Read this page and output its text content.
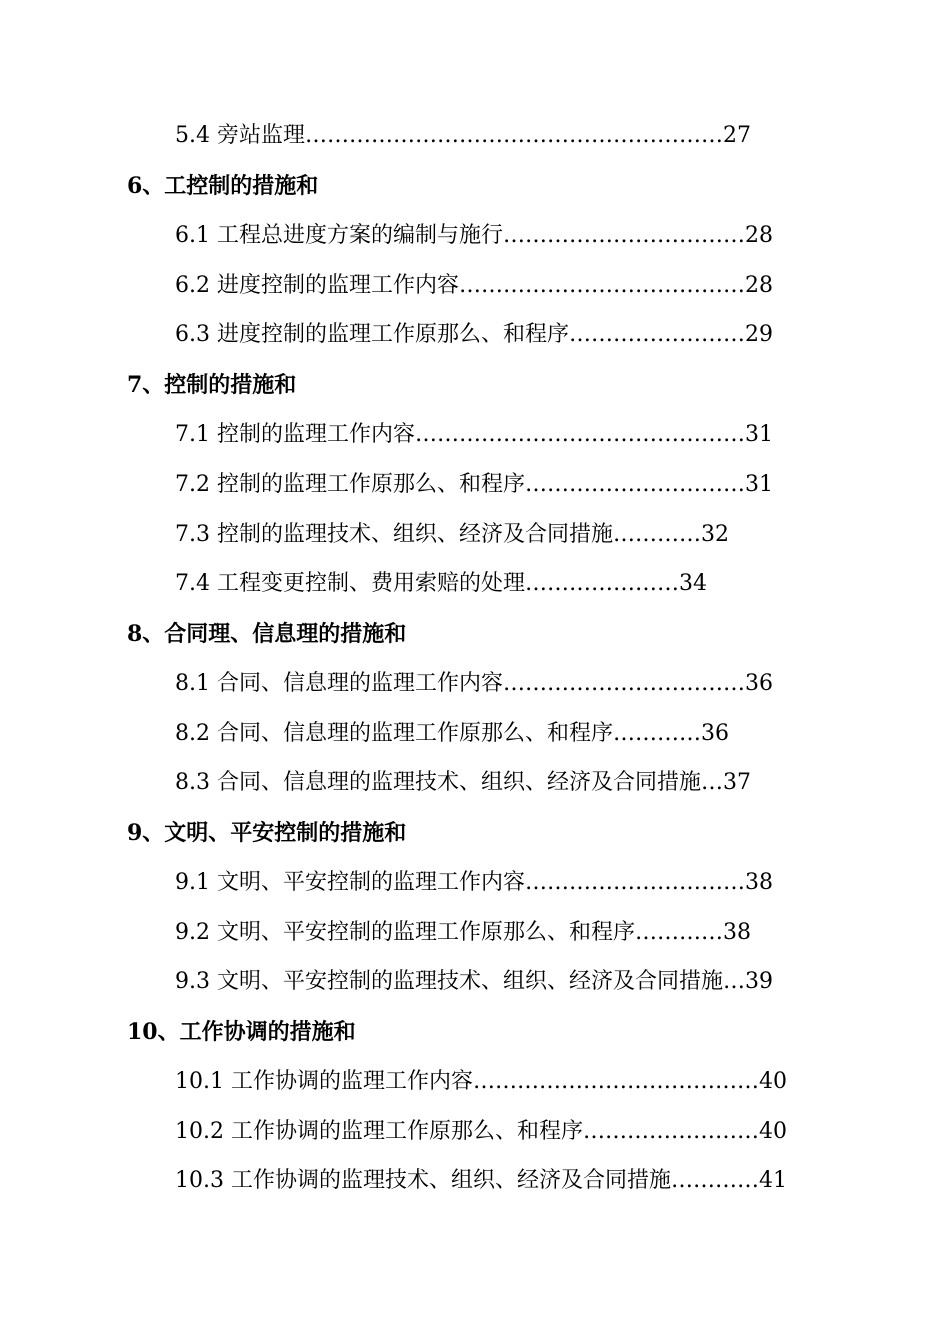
5.4 旁站监理…………………………………………………27
6、工控制的措施和
6.1 工程总进度方案的编制与施行……………………………28
6.2 进度控制的监理工作内容…………………………………28
6.3 进度控制的监理工作原那么、和程序……………………29
7、控制的措施和
7.1 控制的监理工作内容………………………………………31
7.2 控制的监理工作原那么、和程序…………………………31
7.3 控制的监理技术、组织、经济及合同措施…………32
7.4 工程变更控制、费用索赔的处理…………………34
8、合同理、信息理的措施和
8.1 合同、信息理的监理工作内容……………………………36
8.2 合同、信息理的监理工作原那么、和程序…………36
8.3 合同、信息理的监理技术、组织、经济及合同措施…37
9、文明、平安控制的措施和
9.1 文明、平安控制的监理工作内容…………………………38
9.2 文明、平安控制的监理工作原那么、和程序…………38
9.3 文明、平安控制的监理技术、组织、经济及合同措施…39
10、工作协调的措施和
10.1 工作协调的监理工作内容…………………………………40
10.2 工作协调的监理工作原那么、和程序……………………40
10.3 工作协调的监理技术、组织、经济及合同措施…………41
